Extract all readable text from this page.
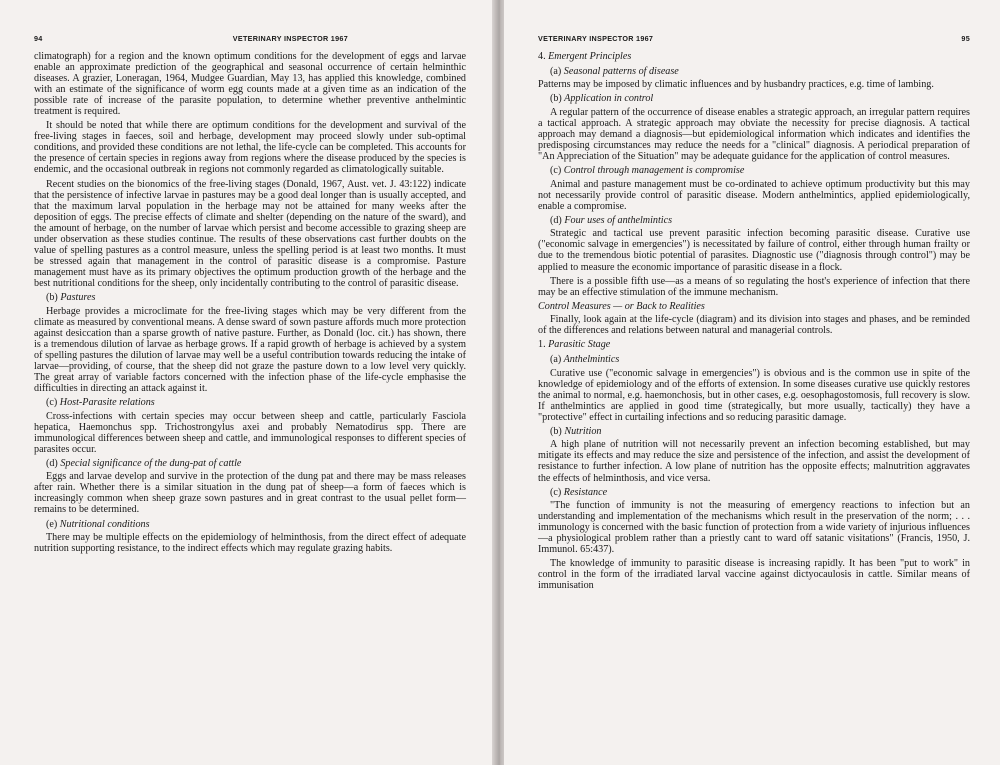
94	VETERINARY INSPECTOR 1967

climatograph) for a region and the known optimum conditions for the development of eggs and larvae enable an approximate prediction of the geographical and seasonal occurrence of certain helminthic diseases. A grazier, Loneragan, 1964, Mudgee Guardian, May 13, has applied this knowledge, combined with an estimate of the significance of worm egg counts made at a given time as an indication of the possible rate of increase of the parasite population, to determine whether preventive anthelmintic treatment is required.

It should be noted that while there are optimum conditions for the development and survival of the free-living stages in faeces, soil and herbage, development may proceed slowly under sub-optimal conditions, and provided these conditions are not lethal, the life-cycle can be completed. This accounts for the presence of certain species in regions away from regions where the disease produced by the species is endemic, and the occasional outbreak in regions not commonly regarded as climatologically suitable.

Recent studies on the bionomics of the free-living stages (Donald, 1967, Aust. vet. J. 43:122) indicate that the persistence of infective larvae in pastures may be a good deal longer than is usually accepted, and that the maximum larval population in the herbage may not be attained for many weeks after the deposition of eggs. The precise effects of climate and shelter (depending on the nature of the sward), and the amount of herbage, on the number of larvae which persist and become accessible to grazing sheep are under observation as these studies continue. The results of these observations cast further doubts on the value of spelling pastures as a control measure, unless the spelling period is at least two months. It must be stressed again that management in the control of parasitic disease is a compromise. Pasture management must have as its primary objectives the optimum production growth of the herbage and the best nutritional conditions for the sheep, only incidentally contributing to the control of parasitic disease.

(b) Pastures

Herbage provides a microclimate for the free-living stages which may be very different from the climate as measured by conventional means. A dense sward of sown pasture affords much more protection against desiccation than a sparse growth of native pasture. Further, as Donald (loc. cit.) has shown, there is a tremendous dilution of larvae as herbage grows. If a rapid growth of herbage is achieved by a system of spelling pastures the dilution of larvae may well be a useful contribution towards reducing the intake of larvae—providing, of course, that the sheep did not graze the pasture down to a low level very quickly. The great array of variable factors concerned with the infection phase of the life-cycle emphasise the difficulties in directing an attack against it.

(c) Host-Parasite relations

Cross-infections with certain species may occur between sheep and cattle, particularly Fasciola hepatica, Haemonchus spp. Trichostrongylus axei and probably Nematodirus spp. There are immunological differences between sheep and cattle, and immunological responses to different species of parasites occur.

(d) Special significance of the dung-pat of cattle

Eggs and larvae develop and survive in the protection of the dung pat and there may be mass releases after rain. Whether there is a similar situation in the dung pat of sheep—a form of faeces which is increasingly common when sheep graze sown pastures and in great contrast to the usual pellet form—remains to be determined.

(e) Nutritional conditions

There may be multiple effects on the epidemiology of helminthosis, from the direct effect of adequate nutrition supporting resistance, to the indirect effects which may regulate grazing habits.

VETERINARY INSPECTOR 1967	95
4. Emergent Principles
(a) Seasonal patterns of disease

Patterns may be imposed by climatic influences and by husbandry practices, e.g. time of lambing.

(b) Application in control

A regular pattern of the occurrence of disease enables a strategic approach, an irregular pattern requires a tactical approach. A strategic approach may obviate the necessity for precise diagnosis. A tactical approach may demand a diagnosis—but epidemiological information which indicates and identifies the predisposing circumstances may reduce the needs for a "clinical" diagnosis. A periodical preparation of "An Appreciation of the Situation" may be adequate guidance for the application of control measures.

(c) Control through management is compromise

Animal and pasture management must be co-ordinated to achieve optimum productivity but this may not necessarily provide control of parasitic disease. Modern anthelmintics, applied epidemiologically, enable a compromise.

(d) Four uses of anthelmintics

Strategic and tactical use prevent parasitic infection becoming parasitic disease. Curative use ("economic salvage in emergencies") is necessitated by failure of control, either through human frailty or due to the tremendous biotic potential of parasites. Diagnostic use ("diagnosis through control") may be applied to measure the economic importance of parasitic disease in a flock.

There is a possible fifth use—as a means of so regulating the host's experience of infection that there may be an effective stimulation of the immune mechanism.

Control Measures — or Back to Realities

Finally, look again at the life-cycle (diagram) and its division into stages and phases, and be reminded of the differences and relations between natural and managerial controls.

1. Parasitic Stage
(a) Anthelmintics

Curative use ("economic salvage in emergencies") is obvious and is the common use in spite of the knowledge of epidemiology and of the efforts of extension. In some diseases curative use quickly restores the animal to normal, e.g. haemonchosis, but in other cases, e.g. oesophagostomosis, full recovery is slow. If anthelmintics are applied in good time (strategically, but more usually, tactically) they have a "protective" effect in curtailing infections and so reducing parasitic damage.

(b) Nutrition

A high plane of nutrition will not necessarily prevent an infection becoming established, but may mitigate its effects and may reduce the size and persistence of the infection, and assist the development of resistance to further infection. A low plane of nutrition has the opposite effects; malnutrition aggravates the effects of helminthosis, and vice versa.

(c) Resistance

"The function of immunity is not the measuring of emergency reactions to infection but an understanding and implementation of the mechanisms which result in the preservation of the norm; . . . immunology is concerned with the basic function of protection from a wide variety of injurious influences—a physiological problem rather than a priestly cant to ward off satanic visitations" (Francis, 1950, J. Immunol. 65:437).

The knowledge of immunity to parasitic disease is increasing rapidly. It has been "put to work" in control in the form of the irradiated larval vaccine against dictyocaulosis in cattle. Similar means of immunisation
